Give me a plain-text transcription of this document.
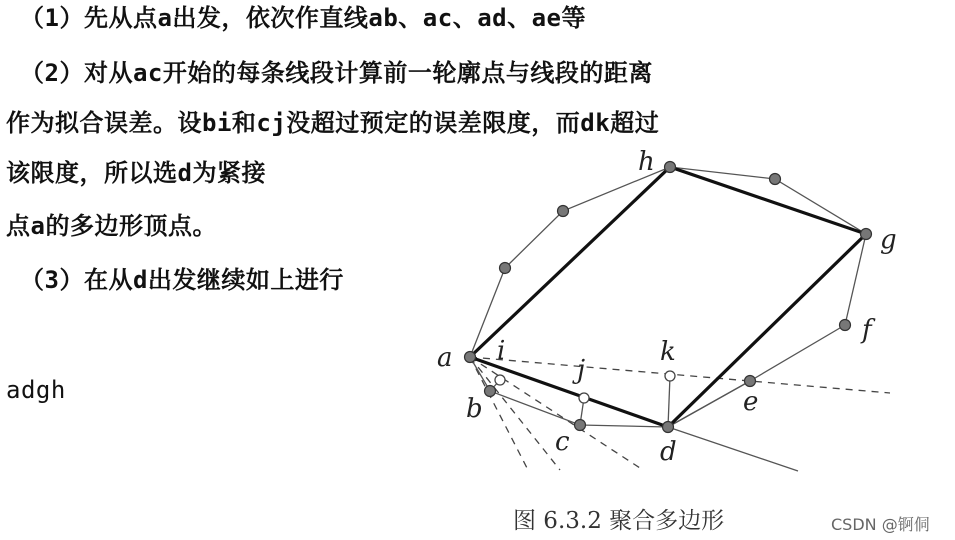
（1）先从点a出发，依次作直线ab、ac、ad、ae等
（2）对从ac开始的每条线段计算前一轮廓点与线段的距离
作为拟合误差。设bi和cj没超过预定的误差限度，而dk超过
该限度，所以选d为紧接
点a的多边形顶点。
（3）在从d出发继续如上进行
adgh
a
b
c	d
e
f
g
h
i
j
k
图 6.3.2 聚合多边形	CSDN @锕侗
